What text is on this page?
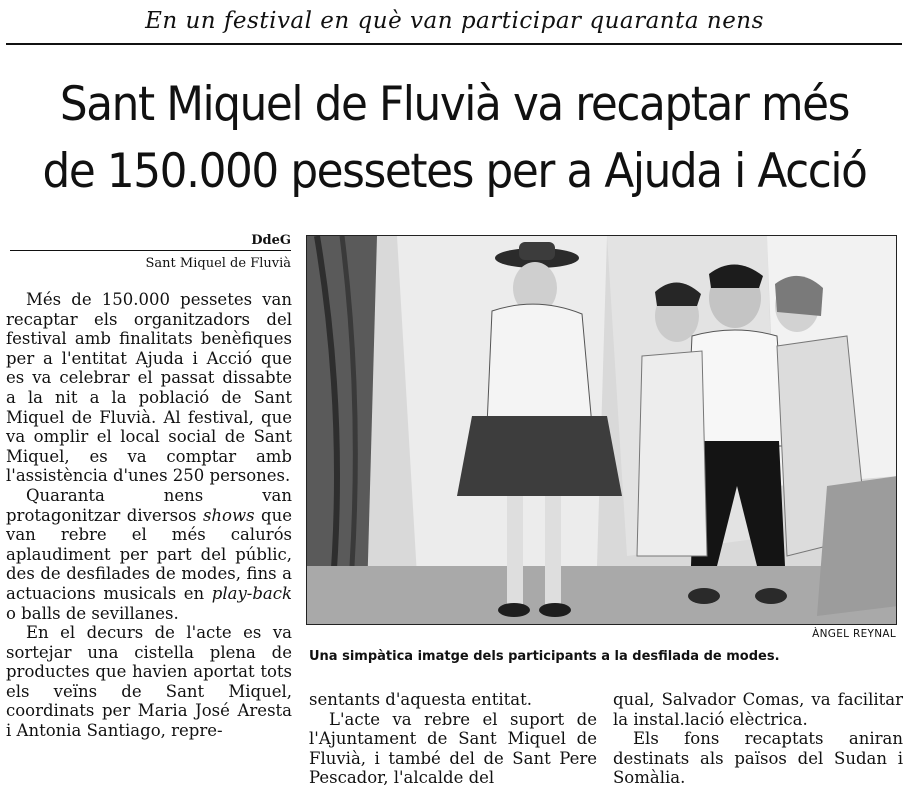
En un festival en què van participar quaranta nens
Sant Miquel de Fluvià va recaptar més
de 150.000 pessetes per a Ajuda i Acció
DdeG
Sant Miquel de Fluvià

Més de 150.000 pessetes van recaptar els organitzadors del festival amb finalitats benèfiques per a l'entitat Ajuda i Acció que es va celebrar el passat dissabte a la nit a la població de Sant Miquel de Fluvià. Al festival, que va omplir el local social de Sant Miquel, es va comptar amb l'assistència d'unes 250 persones.

Quaranta nens van protagonitzar diversos shows que van rebre el més calurós aplaudiment per part del públic, des de desfilades de modes, fins a actuacions musicals en play-back o balls de sevillanes.

En el decurs de l'acte es va sortejar una cistella plena de productes que havien aportat tots els veïns de Sant Miquel, coordinats per Maria José Aresta i Antonia Santiago, repre-

ÀNGEL REYNAL
Una simpàtica imatge dels participants a la desfilada de modes.

sentants d'aquesta entitat.

L'acte va rebre el suport de l'Ajuntament de Sant Miquel de Fluvià, i també del de Sant Pere Pescador, l'alcalde del

qual, Salvador Comas, va facilitar la instal.lació elèctrica.

Els fons recaptats aniran destinats als països del Sudan i Somàlia.
